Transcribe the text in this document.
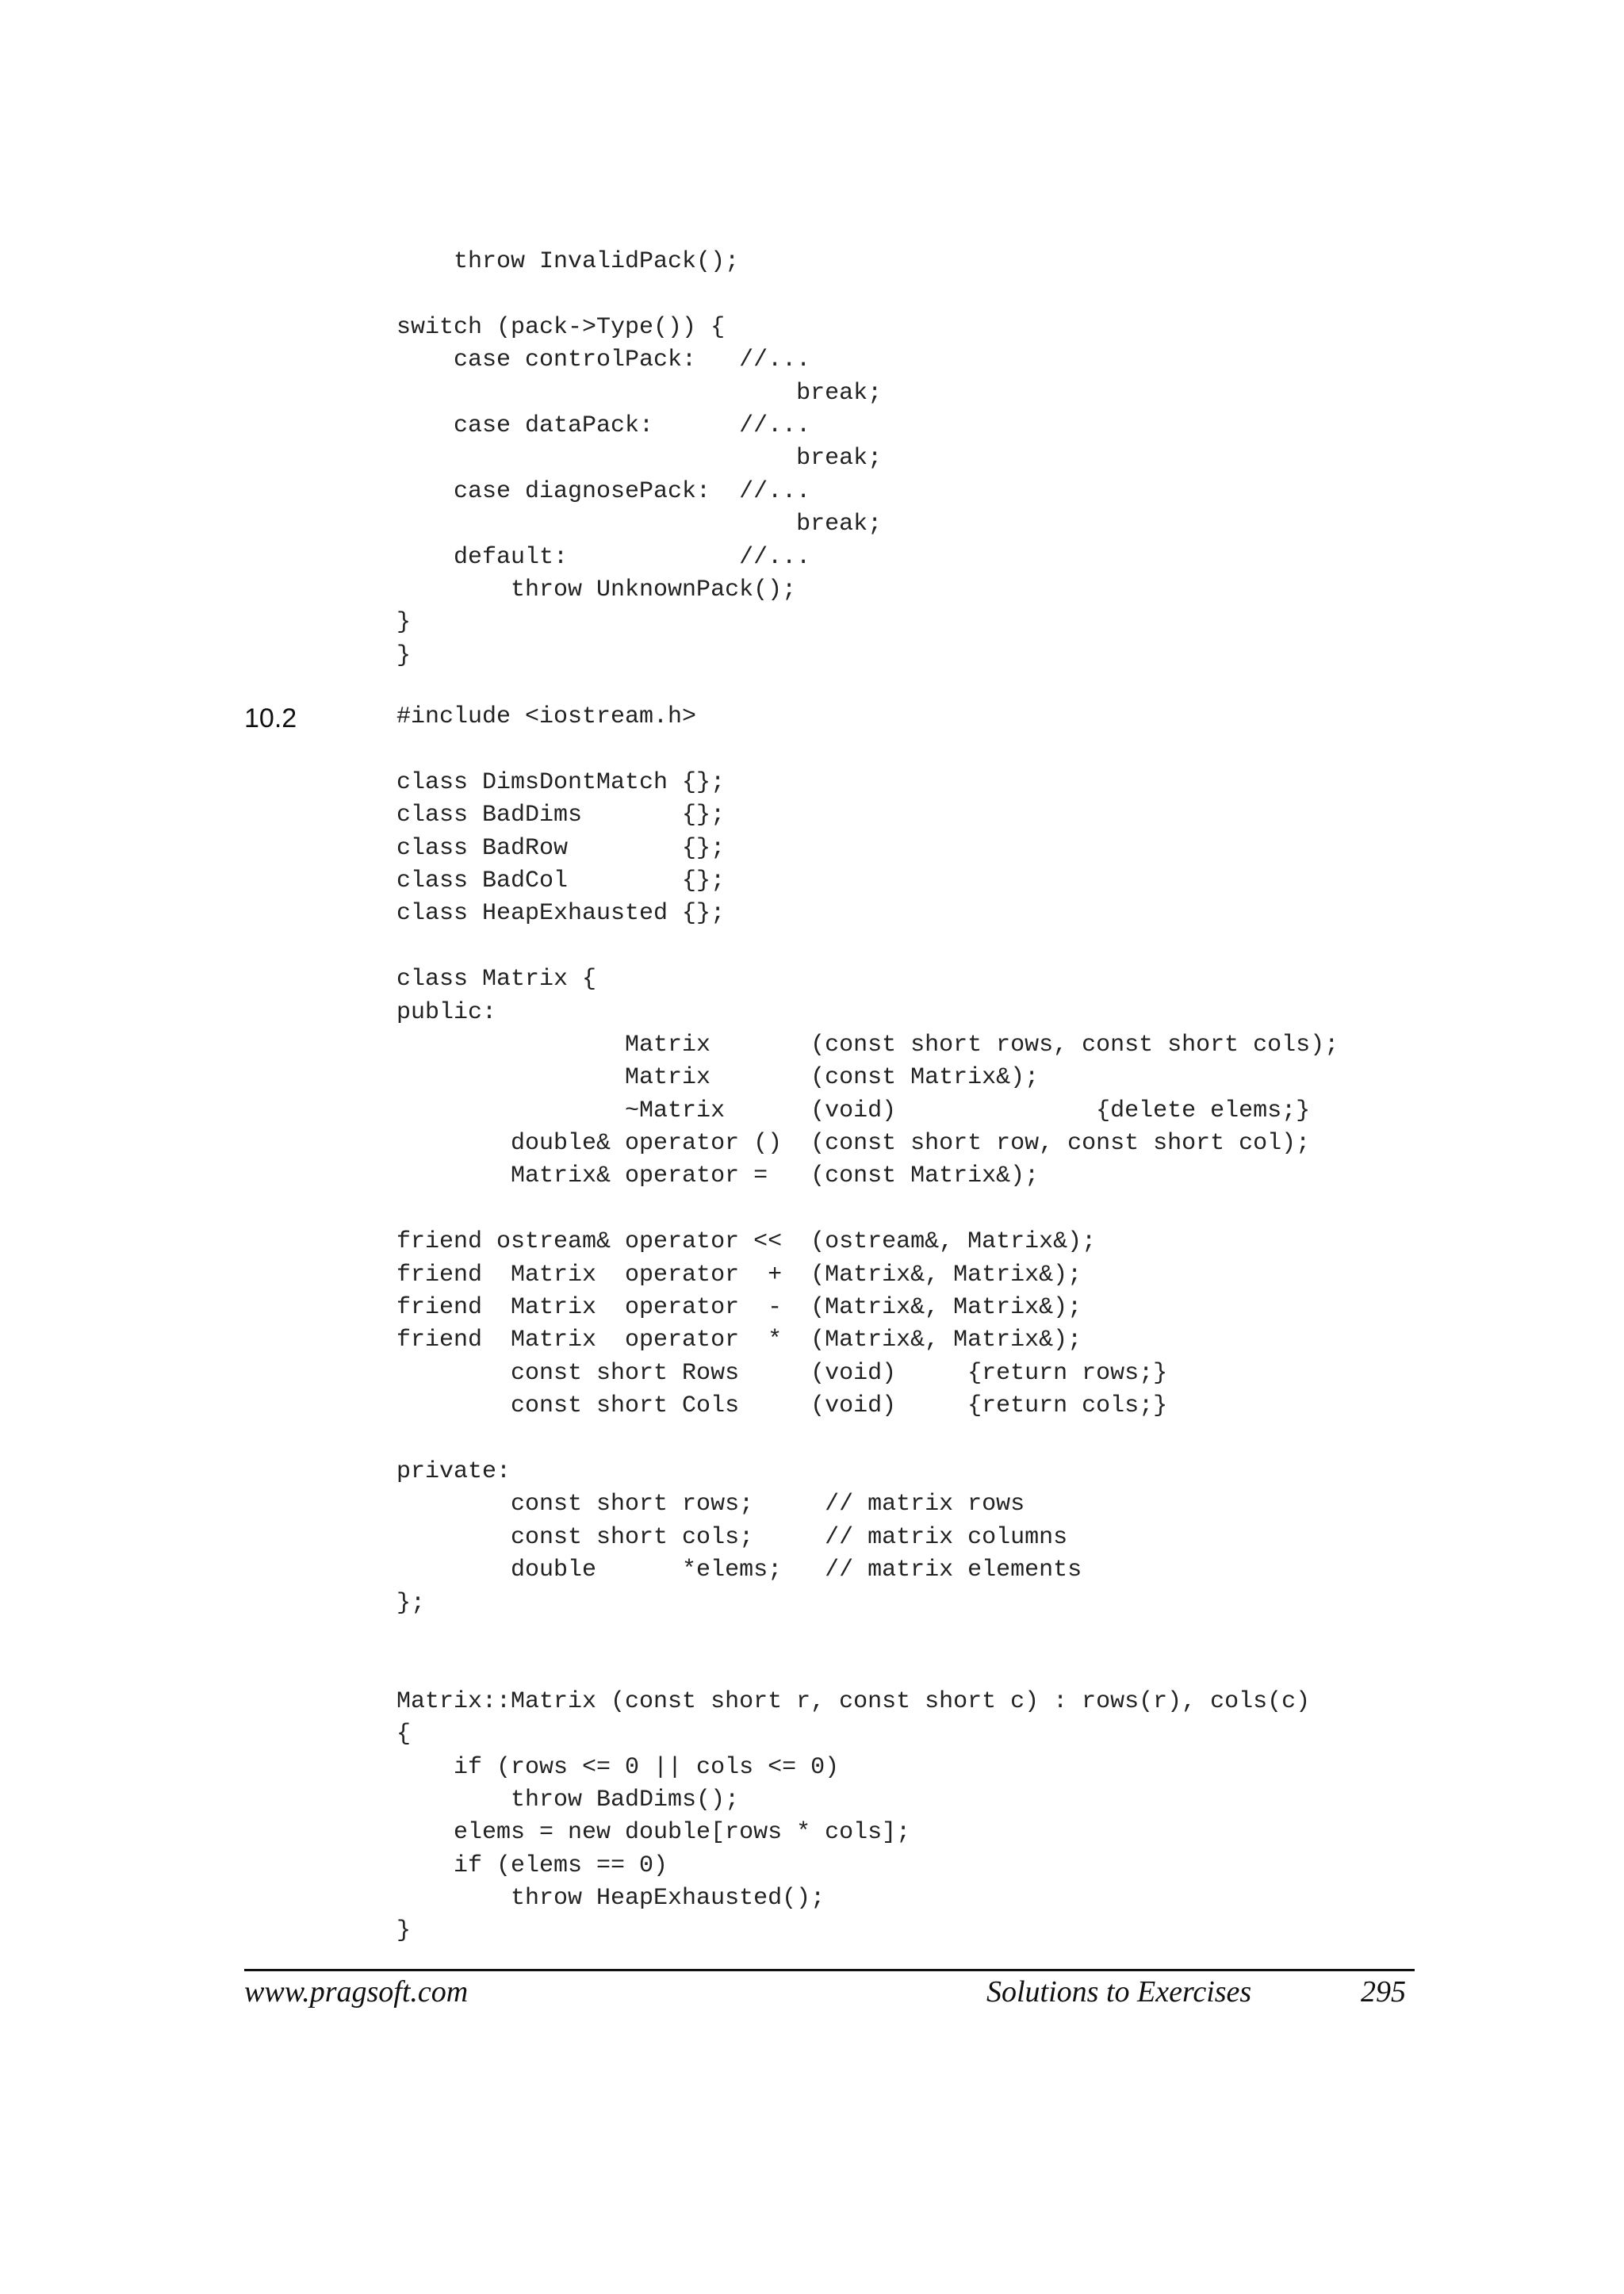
throw InvalidPack();
switch (pack->Type()) {
case controlPack:   //...
break;
case dataPack:      //...
break;
case diagnosePack:  //...
break;
default:            //...
throw UnknownPack();
}
}
10.2	#include <iostream.h>
class DimsDontMatch {};
class BadDims       {};
class BadRow        {};
class BadCol        {};
class HeapExhausted {};
class Matrix {
public:
Matrix       (const short rows, const short cols);
Matrix       (const Matrix&);
~Matrix      (void)              {delete elems;}
double& operator ()  (const short row, const short col);
Matrix& operator =   (const Matrix&);
friend ostream& operator <<  (ostream&, Matrix&);
friend  Matrix  operator  +  (Matrix&, Matrix&);
friend  Matrix  operator  -  (Matrix&, Matrix&);
friend  Matrix  operator  *  (Matrix&, Matrix&);
const short Rows     (void)     {return rows;}
const short Cols     (void)     {return cols;}
private:
const short rows;     // matrix rows
const short cols;     // matrix columns
double      *elems;   // matrix elements
};
Matrix::Matrix (const short r, const short c) : rows(r), cols(c)
{
if (rows <= 0 || cols <= 0)
throw BadDims();
elems = new double[rows * cols];
if (elems == 0)
throw HeapExhausted();
}
www.pragsoft.com	Solutions to Exercises	295
